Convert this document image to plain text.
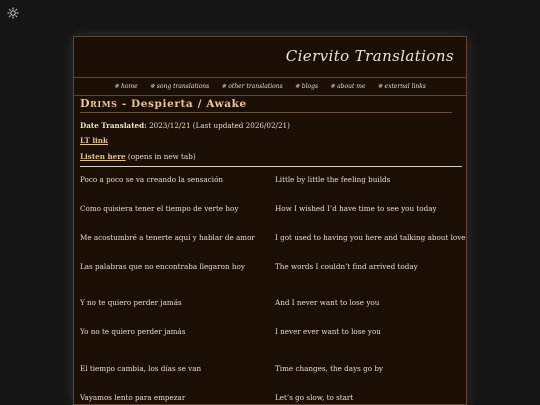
Ciervito Translations
✵ home ✵ song translations ✵ other translations ✵ blogs ✵ about me ✵ external links
Drims - Despierta / Awake
Date Translated: 2023/12/21 (Last updated 2026/02/21)
LT link
Listen here (opens in new tab)
Poco a poco se va creando la sensación	Little by little the feeling builds
Como quisiera tener el tiempo de verte hoy	How I wished I’d have time to see you today
Me acostumbré a tenerte aquí y hablar de amor	I got used to having you here and talking about love
Las palabras que no encontraba llegaron hoy	The words I couldn’t find arrived today
Y no te quiero perder jamás	And I never want to lose you
Yo no te quiero perder jamás	I never ever want to lose you
El tiempo cambia, los días se van	Time changes, the days go by
Vayamos lento para empezar	Let’s go slow, to start
